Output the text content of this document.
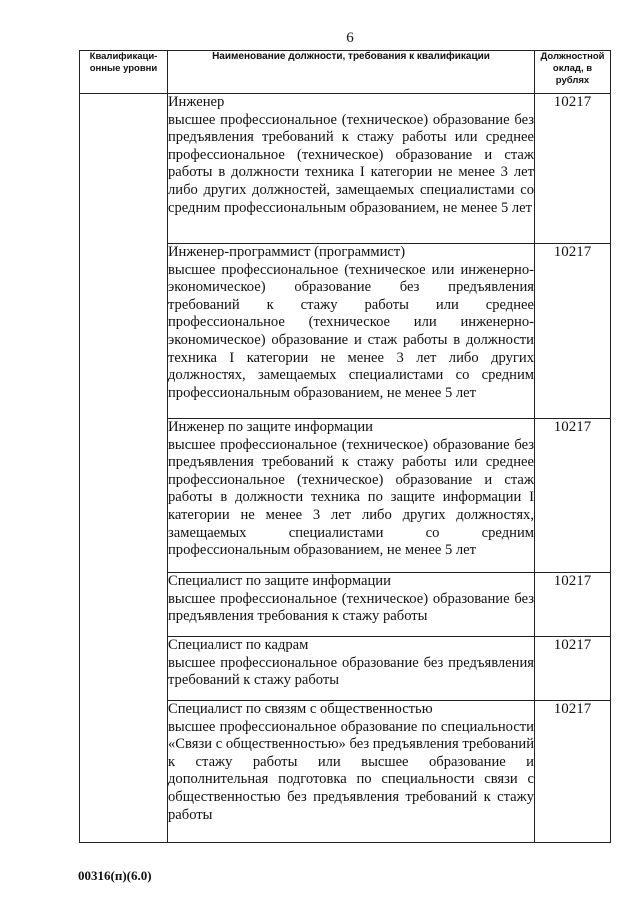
6
Квалификаци-онные уровни	Наименование должности, требования к квалификации	Должностной оклад, в рублях

	Инженер
высшее профессиональное (техническое) образование без предъявления требований к стажу работы или среднее профессиональное (техническое) образование и стаж работы в должности техника I категории не менее 3 лет либо других должностей, замещаемых специалистами со средним профессиональным образованием, не менее 5 лет	10217

	Инженер-программист (программист)
высшее профессиональное (техническое или инженерно-экономическое) образование без предъявления требований к стажу работы или среднее профессиональное (техническое или инженерно-экономическое) образование и стаж работы в должности техника I категории не менее 3 лет либо других должностях, замещаемых специалистами со средним профессиональным образованием, не менее 5 лет	10217

	Инженер по защите информации
высшее профессиональное (техническое) образование без предъявления требований к стажу работы или среднее профессиональное (техническое) образование и стаж работы в должности техника по защите информации I категории не менее 3 лет либо других должностях, замещаемых специалистами со средним профессиональным образованием, не менее 5 лет	10217

	Специалист по защите информации
высшее профессиональное (техническое) образование без предъявления требования к стажу работы	10217

	Специалист по кадрам
высшее профессиональное образование без предъявления требований к стажу работы	10217

	Специалист по связям с общественностью
высшее профессиональное образование по специальности «Связи с общественностью» без предъявления требований к стажу работы или высшее образование и дополнительная подготовка по специальности связи с общественностью без предъявления требований к стажу работы	10217
00316(п)(6.0)
